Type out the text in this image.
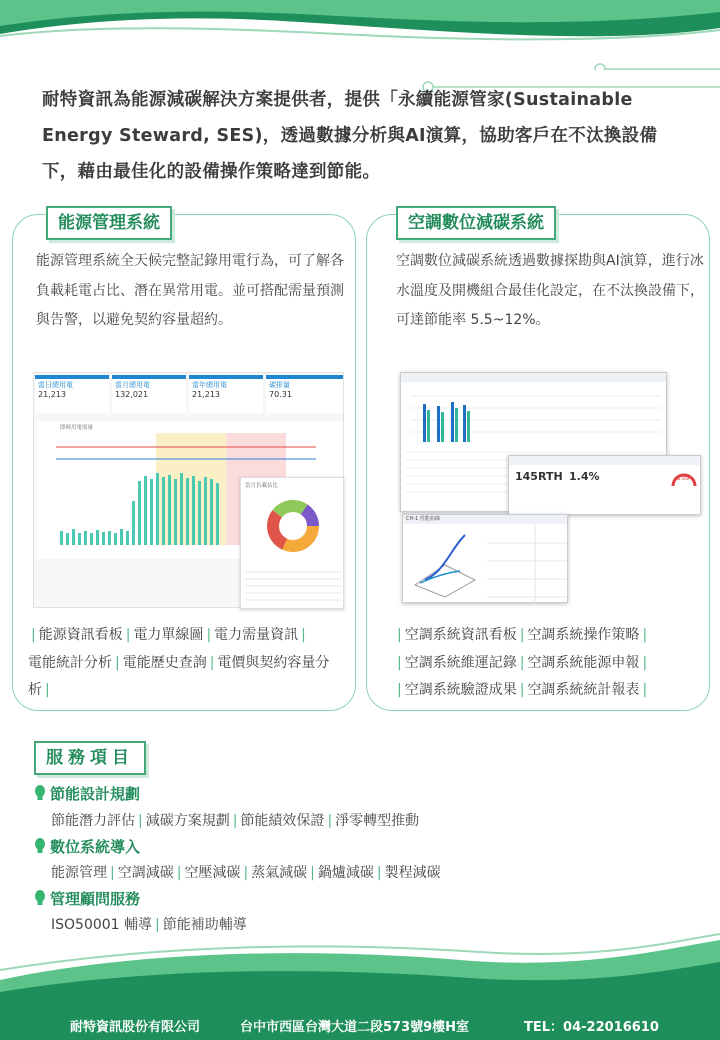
耐特資訊為能源減碳解決方案提供者，提供「永續能源管家(Sustainable Energy Steward, SES)，透過數據分析與AI演算，協助客戶在不汰換設備下，藉由最佳化的設備操作策略達到節能。

能源管理系統

能源管理系統全天候完整記錄用電行為，可了解各負載耗電占比、潛在異常用電。並可搭配需量預測與告警，以避免契約容量超約。

當日總用電
21,213
當月總用電
132,021
當年總用電
21,213
碳排量
70.31
即時用電需量
當月負載佔比
| 能源資訊看板 | 電力單線圖 | 電力需量資訊 |
電能統計分析 | 電能歷史查詢 | 電價與契約容量分析 |
空調數位減碳系統

空調數位減碳系統透過數據探勘與AI演算，進行冰水溫度及開機組合最佳化設定，在不汰換設備下，可達節能率 5.5~12%。

145RTH 1.4%	1.09
CH-1 性能曲線
| 空調系統資訊看板 | 空調系統操作策略 |
| 空調系統維運記錄 | 空調系統能源申報 |
| 空調系統驗證成果 | 空調系統統計報表 |
服務項目
節能設計規劃
節能潛力評估 | 減碳方案規劃 | 節能績效保證 | 淨零轉型推動
數位系統導入
能源管理 | 空調減碳 | 空壓減碳 | 蒸氣減碳 | 鍋爐減碳 | 製程減碳
管理顧問服務
ISO50001 輔導 | 節能補助輔導
耐特資訊股份有限公司	台中市西區台灣大道二段573號9樓H室	TEL：04-22016610
